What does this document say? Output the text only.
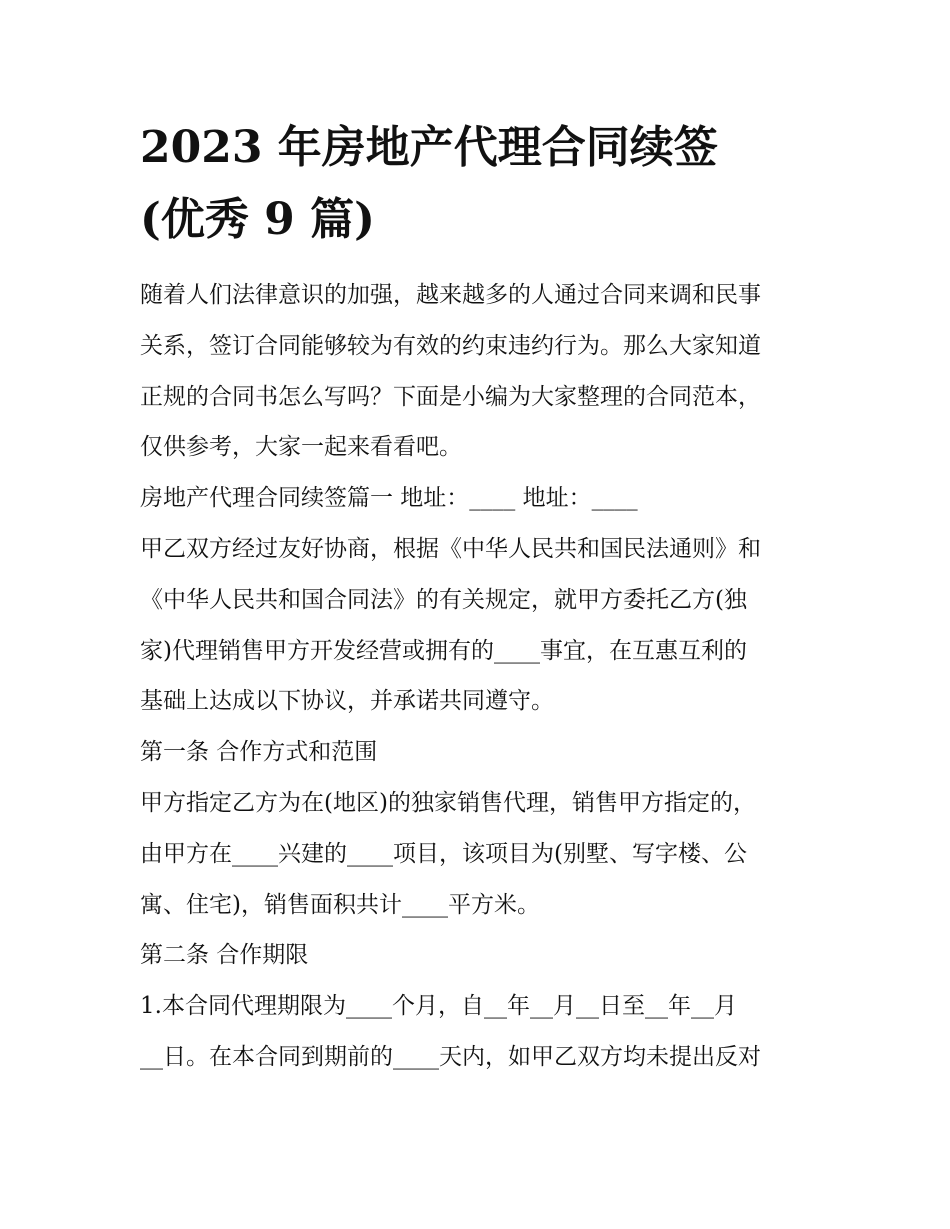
2023 年房地产代理合同续签
(优秀 9 篇)

随着人们法律意识的加强，越来越多的人通过合同来调和民事
关系，签订合同能够较为有效的约束违约行为。那么大家知道
正规的合同书怎么写吗？下面是小编为大家整理的合同范本，
仅供参考，大家一起来看看吧。

房地产代理合同续签篇一 地址：____ 地址：____

甲乙双方经过友好协商，根据《中华人民共和国民法通则》和
《中华人民共和国合同法》的有关规定，就甲方委托乙方(独
家)代理销售甲方开发经营或拥有的____事宜，在互惠互利的
基础上达成以下协议，并承诺共同遵守。

第一条 合作方式和范围

甲方指定乙方为在(地区)的独家销售代理，销售甲方指定的，
由甲方在____兴建的____项目，该项目为(别墅、写字楼、公
寓、住宅)，销售面积共计____平方米。

第二条 合作期限

1.本合同代理期限为____个月，自__年__月__日至__年__月
__日。在本合同到期前的____天内，如甲乙双方均未提出反对
